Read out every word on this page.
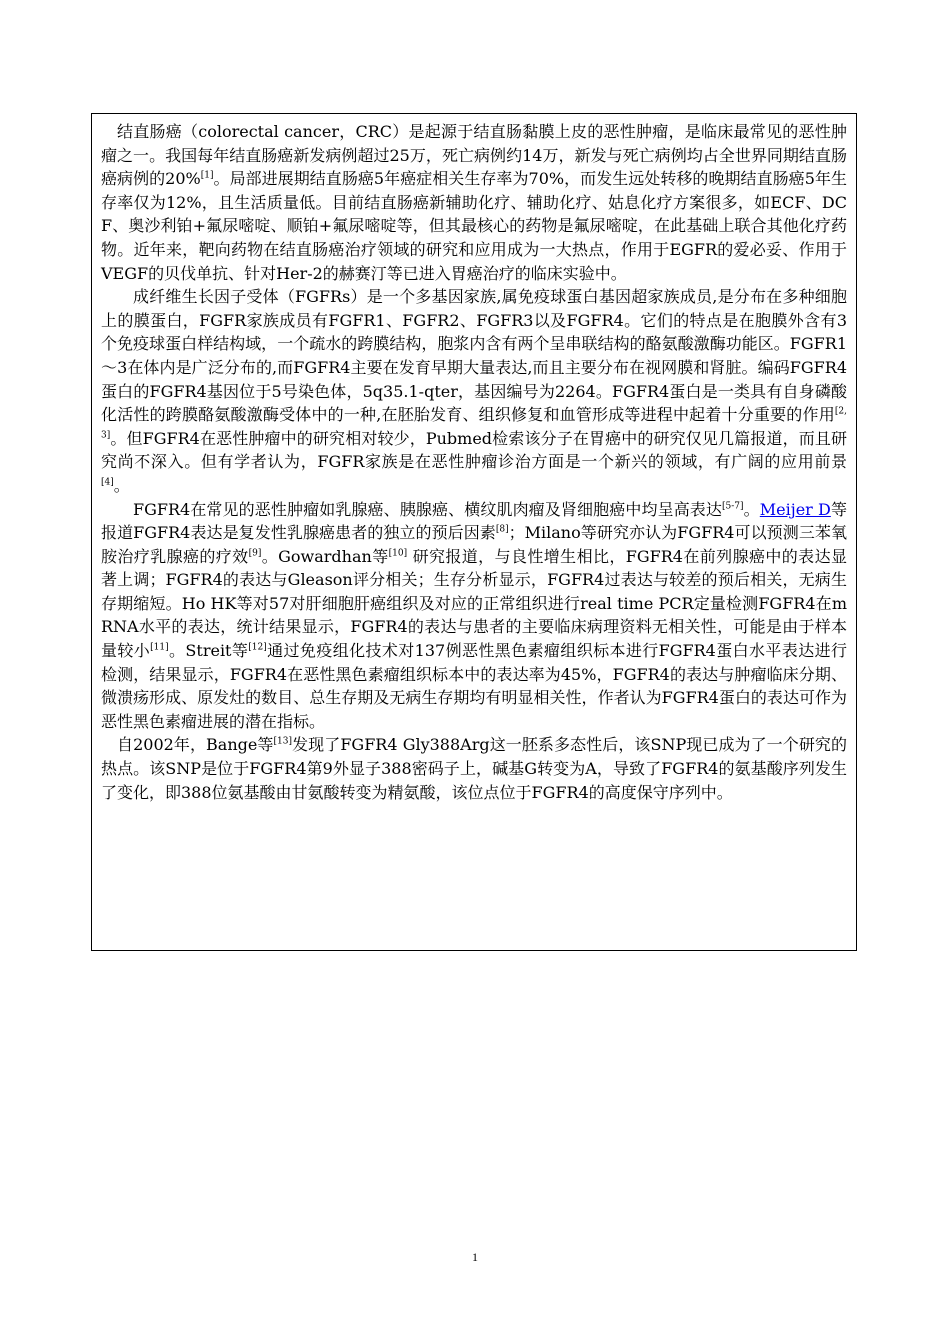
结直肠癌（colorectal cancer，CRC）是起源于结直肠黏膜上皮的恶性肿瘤，是临床最常见的恶性肿瘤之一。我国每年结直肠癌新发病例超过25万，死亡病例约14万，新发与死亡病例均占全世界同期结直肠癌病例的20%[1]。局部进展期结直肠癌5年癌症相关生存率为70%，而发生远处转移的晚期结直肠癌5年生存率仅为12%，且生活质量低。目前结直肠癌新辅助化疗、辅助化疗、姑息化疗方案很多，如ECF、DCF、奥沙利铂+氟尿嘧啶、顺铂+氟尿嘧啶等，但其最核心的药物是氟尿嘧啶，在此基础上联合其他化疗药物。近年来，靶向药物在结直肠癌治疗领域的研究和应用成为一大热点，作用于EGFR的爱必妥、作用于VEGF的贝伐单抗、针对Her-2的赫赛汀等已进入胃癌治疗的临床实验中。

成纤维生长因子受体（FGFRs）是一个多基因家族,属免疫球蛋白基因超家族成员,是分布在多种细胞上的膜蛋白，FGFR家族成员有FGFR1、FGFR2、FGFR3以及FGFR4。它们的特点是在胞膜外含有3个免疫球蛋白样结构域，一个疏水的跨膜结构，胞浆内含有两个呈串联结构的酪氨酸激酶功能区。FGFR1～3在体内是广泛分布的,而FGFR4主要在发育早期大量表达,而且主要分布在视网膜和肾脏。编码FGFR4蛋白的FGFR4基因位于5号染色体，5q35.1-qter，基因编号为2264。FGFR4蛋白是一类具有自身磷酸化活性的跨膜酪氨酸激酶受体中的一种,在胚胎发育、组织修复和血管形成等进程中起着十分重要的作用[2,3]。但FGFR4在恶性肿瘤中的研究相对较少，Pubmed检索该分子在胃癌中的研究仅见几篇报道，而且研究尚不深入。但有学者认为，FGFR家族是在恶性肿瘤诊治方面是一个新兴的领域，有广阔的应用前景[4]。

FGFR4在常见的恶性肿瘤如乳腺癌、胰腺癌、横纹肌肉瘤及肾细胞癌中均呈高表达[5-7]。Meijer D等报道FGFR4表达是复发性乳腺癌患者的独立的预后因素[8]；Milano等研究亦认为FGFR4可以预测三苯氧胺治疗乳腺癌的疗效[9]。Gowardhan等[10] 研究报道，与良性增生相比，FGFR4在前列腺癌中的表达显著上调；FGFR4的表达与Gleason评分相关；生存分析显示，FGFR4过表达与较差的预后相关，无病生存期缩短。Ho HK等对57对肝细胞肝癌组织及对应的正常组织进行real time PCR定量检测FGFR4在mRNA水平的表达，统计结果显示，FGFR4的表达与患者的主要临床病理资料无相关性，可能是由于样本量较小[11]。Streit等[12]通过免疫组化技术对137例恶性黑色素瘤组织标本进行FGFR4蛋白水平表达进行检测，结果显示，FGFR4在恶性黑色素瘤组织标本中的表达率为45%，FGFR4的表达与肿瘤临床分期、微溃疡形成、原发灶的数目、总生存期及无病生存期均有明显相关性，作者认为FGFR4蛋白的表达可作为恶性黑色素瘤进展的潜在指标。

自2002年，Bange等[13]发现了FGFR4 Gly388Arg这一胚系多态性后，该SNP现已成为了一个研究的热点。该SNP是位于FGFR4第9外显子388密码子上，碱基G转变为A，导致了FGFR4的氨基酸序列发生了变化，即388位氨基酸由甘氨酸转变为精氨酸，该位点位于FGFR4的高度保守序列中。

1
